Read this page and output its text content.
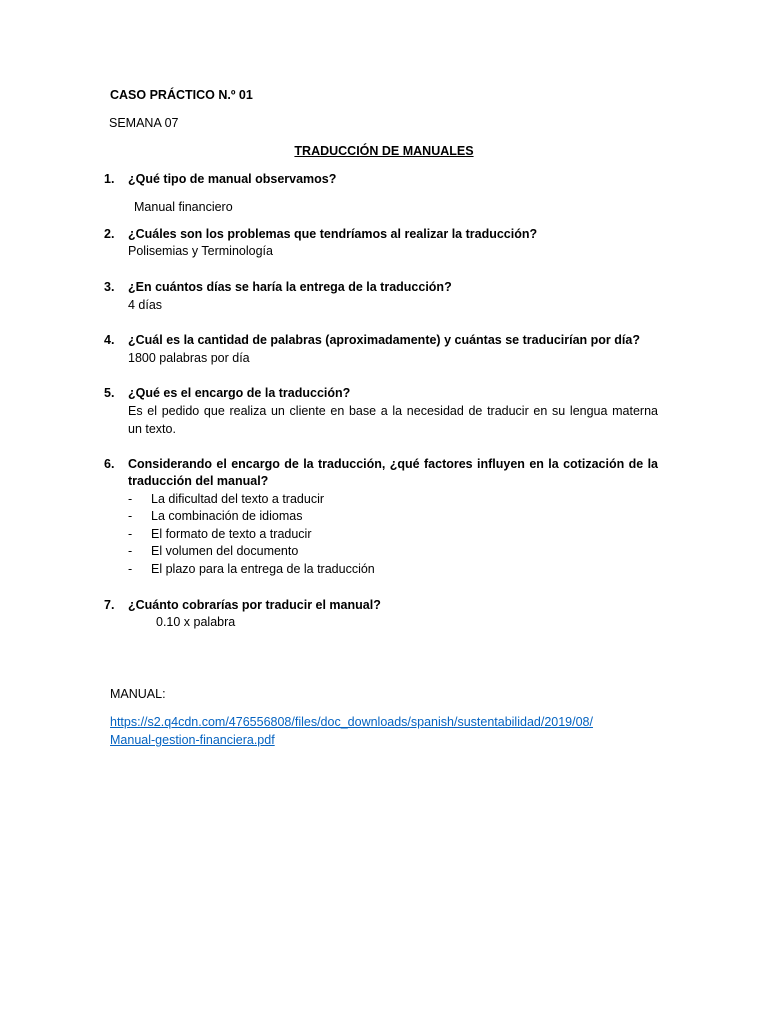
CASO PRÁCTICO N.º 01
SEMANA 07
TRADUCCIÓN DE MANUALES
1. ¿Qué tipo de manual observamos?
Manual financiero
2. ¿Cuáles son los problemas que tendríamos al realizar la traducción?
Polisemias y Terminología
3. ¿En cuántos días se haría la entrega de la traducción?
4 días
4. ¿Cuál es la cantidad de palabras (aproximadamente) y cuántas se traducirían por día?
1800 palabras por día
5. ¿Qué es el encargo de la traducción?
Es el pedido que realiza un cliente en base a la necesidad de traducir en su lengua materna
un texto.
6. Considerando el encargo de la traducción, ¿qué factores influyen en la cotización de la
traducción del manual?
- La dificultad del texto a traducir
- La combinación de idiomas
- El formato de texto a traducir
- El volumen del documento
- El plazo para la entrega de la traducción
7. ¿Cuánto cobrarías por traducir el manual?
0.10 x palabra
MANUAL:
https://s2.q4cdn.com/476556808/files/doc_downloads/spanish/sustentabilidad/2019/08/
Manual-gestion-financiera.pdf
